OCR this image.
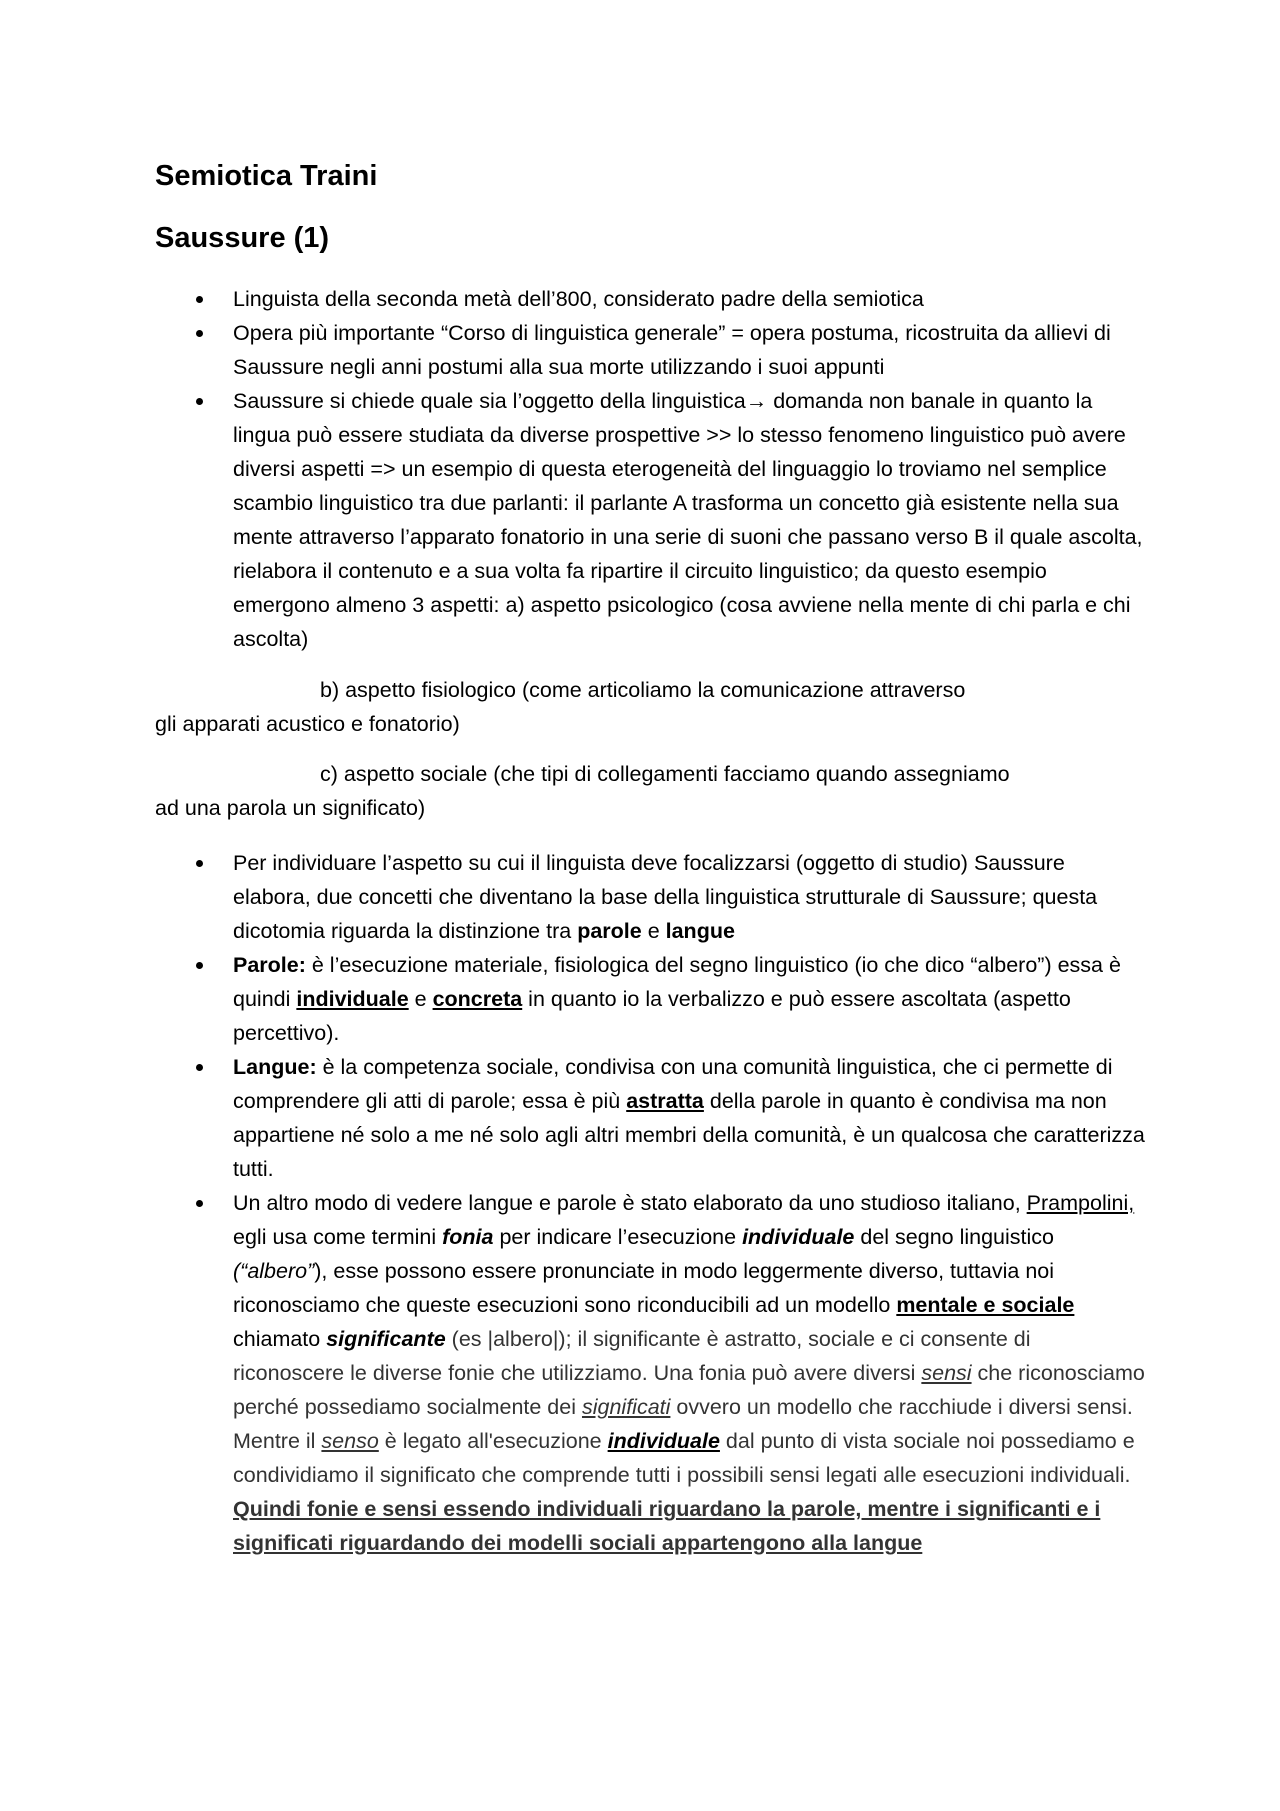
Semiotica Traini
Saussure (1)
Linguista della seconda metà dell’800, considerato padre della semiotica
Opera più importante “Corso di linguistica generale” = opera postuma, ricostruita da allievi di Saussure negli anni postumi alla sua morte utilizzando i suoi appunti
Saussure si chiede quale sia l’oggetto della linguistica→ domanda non banale in quanto la lingua può essere studiata da diverse prospettive >> lo stesso fenomeno linguistico può avere diversi aspetti => un esempio di questa eterogeneità del linguaggio lo troviamo nel semplice scambio linguistico tra due parlanti: il parlante A trasforma un concetto già esistente nella sua mente attraverso l’apparato fonatorio in una serie di suoni che passano verso B il quale ascolta, rielabora il contenuto e a sua volta fa ripartire il circuito linguistico; da questo esempio emergono almeno 3 aspetti: a) aspetto psicologico (cosa avviene nella mente di chi parla e chi ascolta)
b) aspetto fisiologico (come articoliamo la comunicazione attraverso
gli apparati acustico e fonatorio)
c) aspetto sociale (che tipi di collegamenti facciamo quando assegniamo
ad una parola un significato)
Per individuare l’aspetto su cui il linguista deve focalizzarsi (oggetto di studio) Saussure elabora, due concetti che diventano la base della linguistica strutturale di Saussure; questa dicotomia riguarda la distinzione tra parole e langue
Parole: è l’esecuzione materiale, fisiologica del segno linguistico (io che dico “albero”) essa è quindi individuale e concreta in quanto io la verbalizzo e può essere ascoltata (aspetto percettivo).
Langue: è la competenza sociale, condivisa con una comunità linguistica, che ci permette di comprendere gli atti di parole; essa è più astratta della parole in quanto è condivisa ma non appartiene né solo a me né solo agli altri membri della comunità, è un qualcosa che caratterizza tutti.
Un altro modo di vedere langue e parole è stato elaborato da uno studioso italiano, Prampolini, egli usa come termini fonia per indicare l’esecuzione individuale del segno linguistico (“albero”), esse possono essere pronunciate in modo leggermente diverso, tuttavia noi riconosciamo che queste esecuzioni sono riconducibili ad un modello mentale e sociale chiamato significante (es |albero|); il significante è astratto, sociale e ci consente di riconoscere le diverse fonie che utilizziamo. Una fonia può avere diversi sensi che riconosciamo perché possediamo socialmente dei significati ovvero un modello che racchiude i diversi sensi. Mentre il senso è legato all'esecuzione individuale dal punto di vista sociale noi possediamo e condividiamo il significato che comprende tutti i possibili sensi legati alle esecuzioni individuali.
Quindi fonie e sensi essendo individuali riguardano la parole, mentre i significanti e i significati riguardando dei modelli sociali appartengono alla langue
